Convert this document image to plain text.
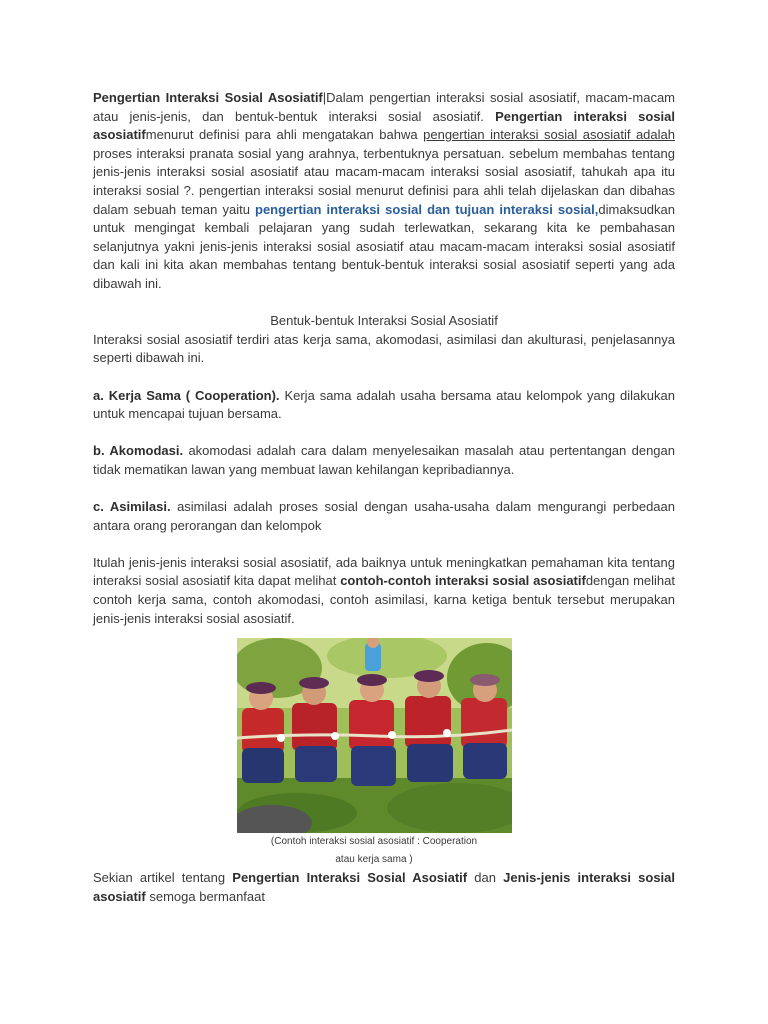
Pengertian Interaksi Sosial Asosiatif|Dalam pengertian interaksi sosial asosiatif, macam-macam atau jenis-jenis, dan bentuk-bentuk interaksi sosial asosiatif. Pengertian interaksi sosial asosiatifmenurut definisi para ahli mengatakan bahwa pengertian interaksi sosial asosiatif adalah proses interaksi pranata sosial yang arahnya, terbentuknya persatuan. sebelum membahas tentang jenis-jenis interaksi sosial asosiatif atau macam-macam interaksi sosial asosiatif, tahukah apa itu interaksi sosial ?. pengertian interaksi sosial menurut definisi para ahli telah dijelaskan dan dibahas dalam sebuah teman yaitu pengertian interaksi sosial dan tujuan interaksi sosial,dimaksudkan untuk mengingat kembali pelajaran yang sudah terlewatkan, sekarang kita ke pembahasan selanjutnya yakni jenis-jenis interaksi sosial asosiatif atau macam-macam interaksi sosial asosiatif dan kali ini kita akan membahas tentang bentuk-bentuk interaksi sosial asosiatif seperti yang ada dibawah ini.

Bentuk-bentuk Interaksi Sosial Asosiatif

Interaksi sosial asosiatif terdiri atas kerja sama, akomodasi, asimilasi dan akulturasi, penjelasannya seperti dibawah ini.

a. Kerja Sama ( Cooperation). Kerja sama adalah usaha bersama atau kelompok yang dilakukan untuk mencapai tujuan bersama.

b. Akomodasi. akomodasi adalah cara dalam menyelesaikan masalah atau pertentangan dengan tidak mematikan lawan yang membuat lawan kehilangan kepribadiannya.

c. Asimilasi. asimilasi adalah proses sosial dengan usaha-usaha dalam mengurangi perbedaan antara orang perorangan dan kelompok

Itulah jenis-jenis interaksi sosial asosiatif, ada baiknya untuk meningkatkan pemahaman kita tentang interaksi sosial asosiatif kita dapat melihat contoh-contoh interaksi sosial asosiatifdengan melihat contoh kerja sama, contoh akomodasi, contoh asimilasi, karna ketiga bentuk tersebut merupakan jenis-jenis interaksi sosial asosiatif.

(Contoh interaksi sosial asosiatif : Cooperation

atau kerja sama )

Sekian artikel tentang Pengertian Interaksi Sosial Asosiatif dan Jenis-jenis interaksi sosial asosiatif semoga bermanfaat
